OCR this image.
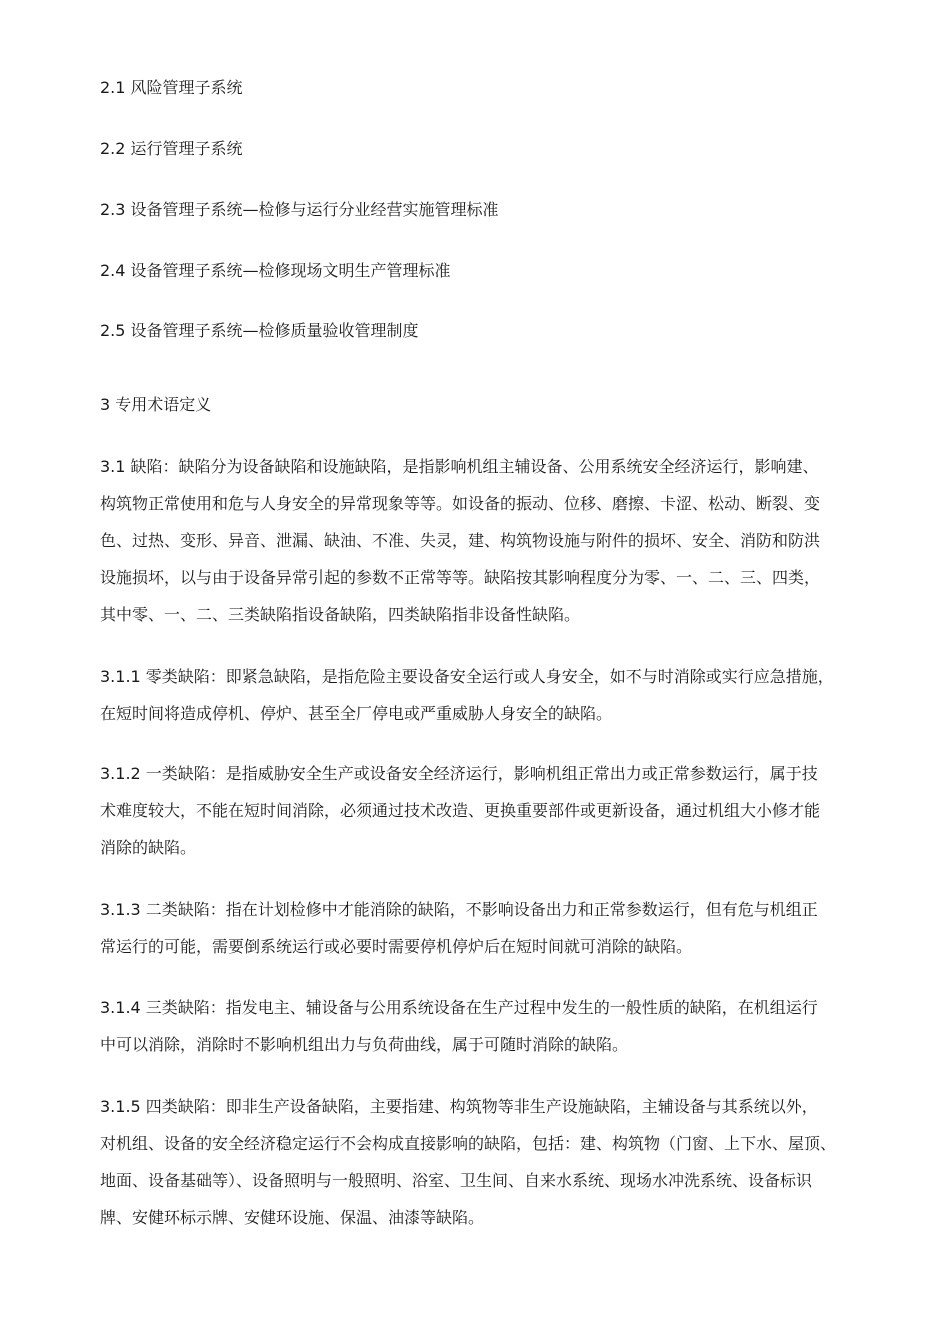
2.1 风险管理子系统
2.2 运行管理子系统
2.3 设备管理子系统—检修与运行分业经营实施管理标准
2.4 设备管理子系统—检修现场文明生产管理标准
2.5 设备管理子系统—检修质量验收管理制度
3 专用术语定义
3.1 缺陷：缺陷分为设备缺陷和设施缺陷，是指影响机组主辅设备、公用系统安全经济运行，影响建、
构筑物正常使用和危与人身安全的异常现象等等。如设备的振动、位移、磨擦、卡涩、松动、断裂、变
色、过热、变形、异音、泄漏、缺油、不准、失灵，建、构筑物设施与附件的损坏、安全、消防和防洪
设施损坏，以与由于设备异常引起的参数不正常等等。缺陷按其影响程度分为零、一、二、三、四类，
其中零、一、二、三类缺陷指设备缺陷，四类缺陷指非设备性缺陷。
3.1.1 零类缺陷：即紧急缺陷，是指危险主要设备安全运行或人身安全，如不与时消除或实行应急措施，
在短时间将造成停机、停炉、甚至全厂停电或严重威胁人身安全的缺陷。
3.1.2 一类缺陷：是指威胁安全生产或设备安全经济运行，影响机组正常出力或正常参数运行，属于技
术难度较大，不能在短时间消除，必须通过技术改造、更换重要部件或更新设备，通过机组大小修才能
消除的缺陷。
3.1.3 二类缺陷：指在计划检修中才能消除的缺陷，不影响设备出力和正常参数运行，但有危与机组正
常运行的可能，需要倒系统运行或必要时需要停机停炉后在短时间就可消除的缺陷。
3.1.4 三类缺陷：指发电主、辅设备与公用系统设备在生产过程中发生的一般性质的缺陷，在机组运行
中可以消除，消除时不影响机组出力与负荷曲线，属于可随时消除的缺陷。
3.1.5 四类缺陷：即非生产设备缺陷，主要指建、构筑物等非生产设施缺陷，主辅设备与其系统以外，
对机组、设备的安全经济稳定运行不会构成直接影响的缺陷，包括：建、构筑物（门窗、上下水、屋顶、
地面、设备基础等）、设备照明与一般照明、浴室、卫生间、自来水系统、现场水冲洗系统、设备标识
牌、安健环标示牌、安健环设施、保温、油漆等缺陷。
